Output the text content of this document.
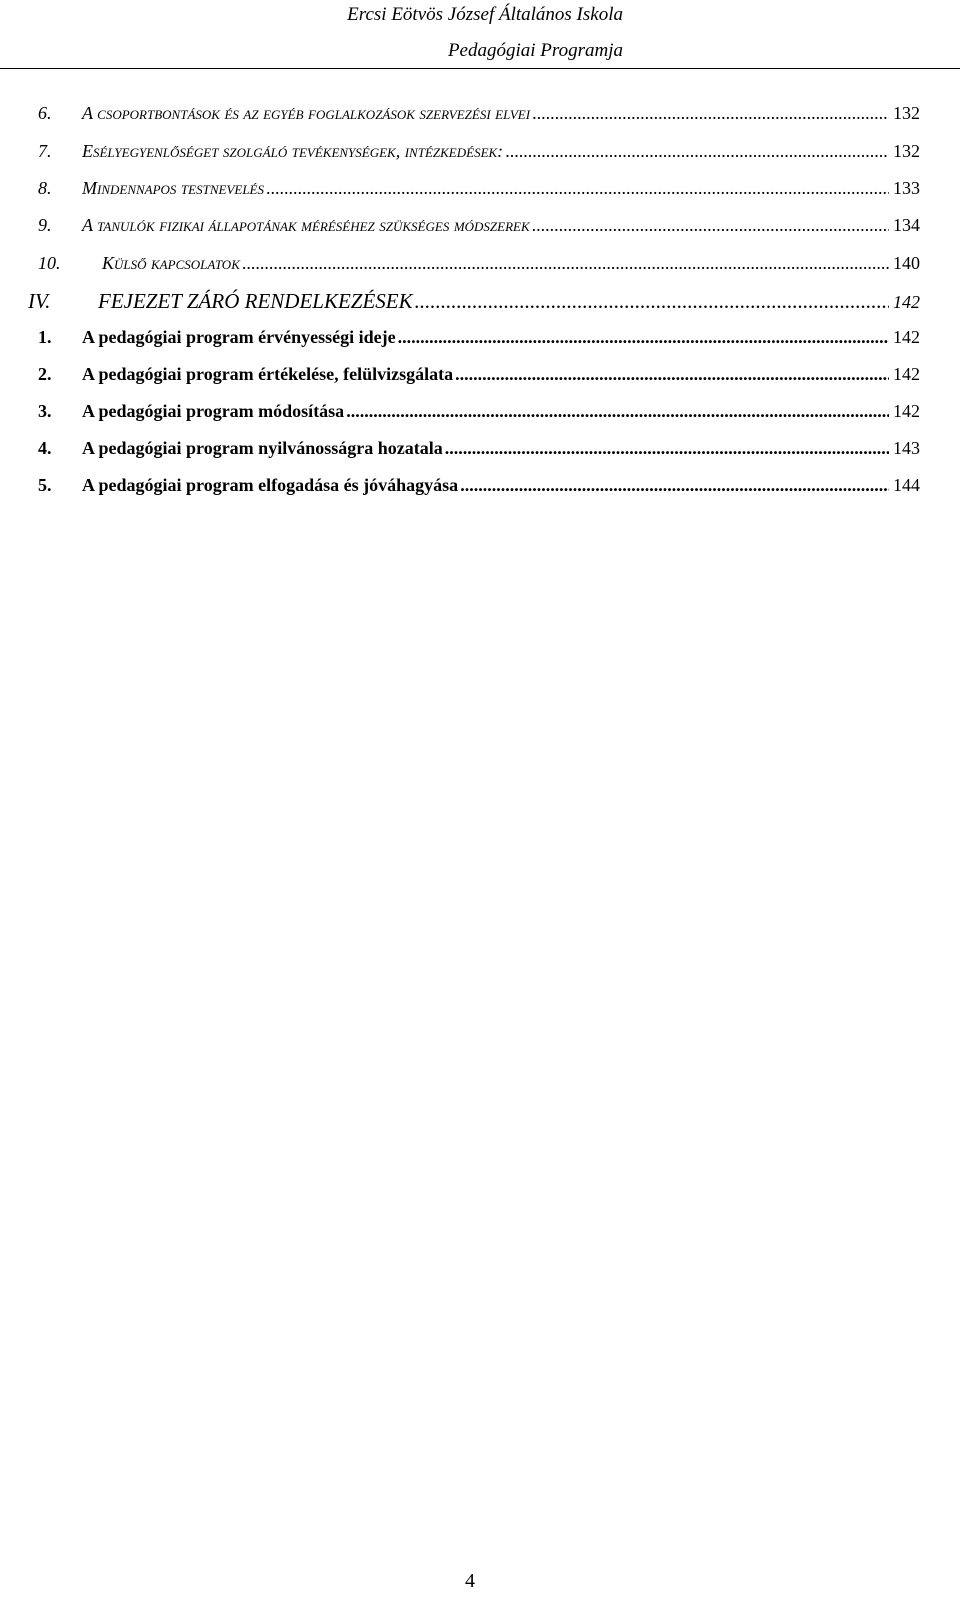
Ercsi Eötvös József Általános Iskola
Pedagógiai Programja
6.	A csoportbontások és az egyéb foglalkozások szervezési elvei .....	132
7.	Esélyegyenlőséget szolgáló tevékenységek, intézkedések: .....	132
8.	Mindennapos testnevelés .....	133
9.	A tanulók fizikai állapotának méréséhez szükséges módszerek .....	134
10.	Külső kapcsolatok .....	140
IV.	FEJEZET ZÁRÓ RENDELKEZÉSEK .....	142
1.	A pedagógiai program érvényességi ideje .....	142
2.	A pedagógiai program értékelése, felülvizsgálata .....	142
3.	A pedagógiai program módosítása .....	142
4.	A pedagógiai program nyilvánosságra hozatala .....	143
5.	A pedagógiai program elfogadása és jóváhagyása .....	144
4
